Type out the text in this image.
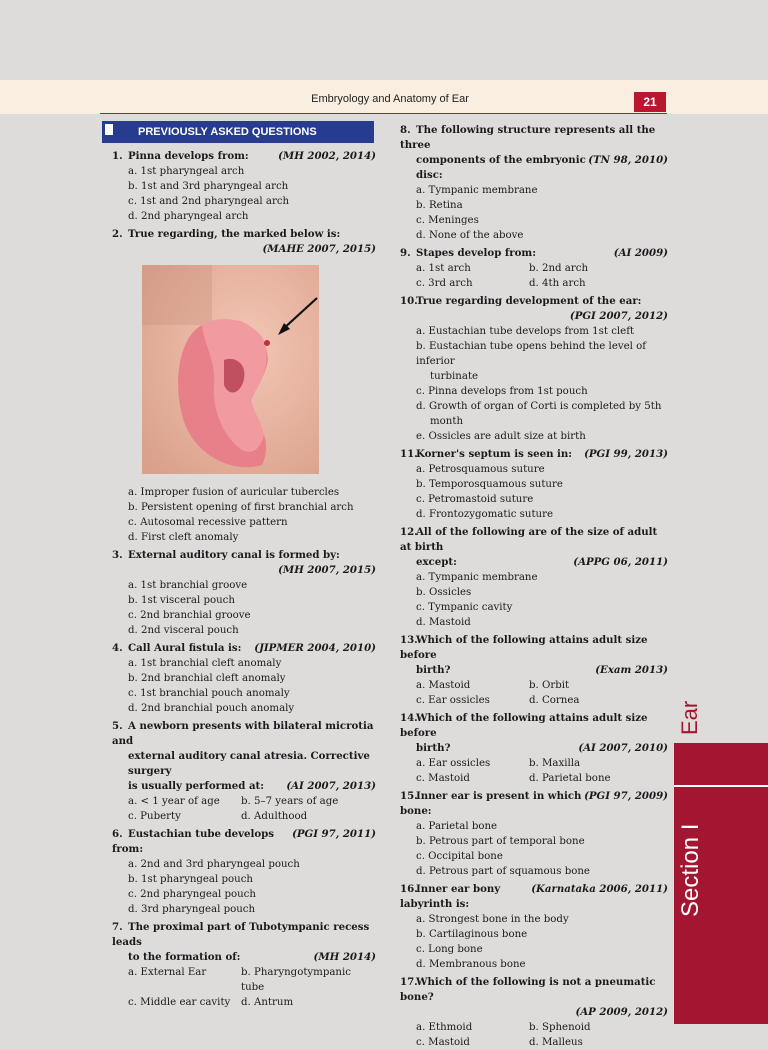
Embryology and Anatomy of Ear	21
Ear
Section I
PREVIOUSLY ASKED QUESTIONS
1. Pinna develops from:	(MH 2002, 2014)
a. 1st pharyngeal arch
b. 1st and 3rd pharyngeal arch
c. 1st and 2nd pharyngeal arch
d. 2nd pharyngeal arch
2. True regarding, the marked below is:
(MAHE 2007, 2015)
a. Improper fusion of auricular tubercles
b. Persistent opening of first branchial arch
c. Autosomal recessive pattern
d. First cleft anomaly
3. External auditory canal is formed by:
(MH 2007, 2015)
a. 1st branchial groove
b. 1st visceral pouch
c. 2nd branchial groove
d. 2nd visceral pouch
4. Call Aural fistula is: (JIPMER 2004, 2010)
a. 1st branchial cleft anomaly
b. 2nd branchial cleft anomaly
c. 1st branchial pouch anomaly
d. 2nd branchial pouch anomaly
5. A newborn presents with bilateral microtia and
external auditory canal atresia. Corrective surgery
is usually performed at: (AI 2007, 2013)
a. < 1 year of age	b. 5–7 years of age
c. Puberty	d. Adulthood
6. Eustachian tube develops from:
(PGI 97, 2011)
a. 2nd and 3rd pharyngeal pouch
b. 1st pharyngeal pouch
c. 2nd pharyngeal pouch
d. 3rd pharyngeal pouch
7. The proximal part of Tubotympanic recess leads
to the formation of:	(MH 2014)
a. External Ear	b. Pharyngotympanic tube
c. Middle ear cavity	d. Antrum
8. The following structure represents all the three
components of the embryonic disc:
(TN 98, 2010)
a. Tympanic membrane
b. Retina
c. Meninges
d. None of the above
9. Stapes develop from:	(AI 2009)
a. 1st arch	b. 2nd arch
c. 3rd arch	d. 4th arch
10.True regarding development of the ear:
(PGI 2007, 2012)
a. Eustachian tube develops from 1st cleft
b. Eustachian tube opens behind the level of inferior
turbinate
c. Pinna develops from 1st pouch
d. Growth of organ of Corti is completed by 5th
month
e. Ossicles are adult size at birth
11.Korner's septum is seen in: (PGI 99, 2013)
a. Petrosquamous suture
b. Temporosquamous suture
c. Petromastoid suture
d. Frontozygomatic suture
12.All of the following are of the size of adult at birth
except:	(APPG 06, 2011)
a. Tympanic membrane
b. Ossicles
c. Tympanic cavity
d. Mastoid
13.Which of the following attains adult size before
birth?	(Exam 2013)
a. Mastoid	b. Orbit
c. Ear ossicles	d. Cornea
14.Which of the following attains adult size before
birth?	(AI 2007, 2010)
a. Ear ossicles	b. Maxilla
c. Mastoid	d. Parietal bone
15.Inner ear is present in which bone:
(PGI 97, 2009)
a. Parietal bone
b. Petrous part of temporal bone
c. Occipital bone
d. Petrous part of squamous bone
16.Inner ear bony labyrinth is:
(Karnataka 2006, 2011)
a. Strongest bone in the body
b. Cartilaginous bone
c. Long bone
d. Membranous bone
17.Which of the following is not a pneumatic bone?
(AP 2009, 2012)
a. Ethmoid	b. Sphenoid
c. Mastoid	d. Malleus
